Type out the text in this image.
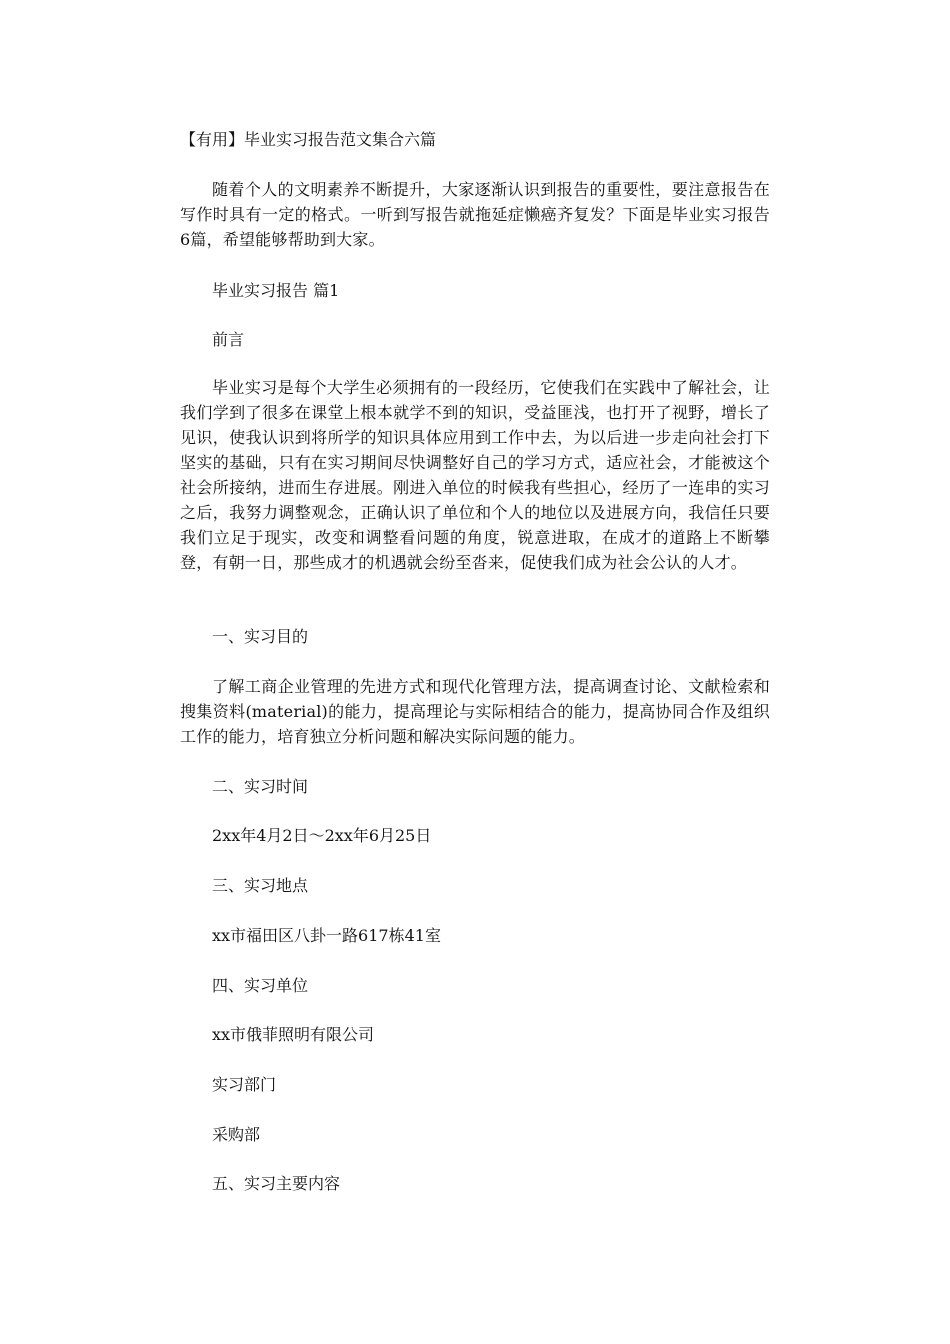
【有用】毕业实习报告范文集合六篇

随着个人的文明素养不断提升，大家逐渐认识到报告的重要性，要注意报告在写作时具有一定的格式。一听到写报告就拖延症懒癌齐复发？下面是毕业实习报告6篇，希望能够帮助到大家。

毕业实习报告 篇1

前言

毕业实习是每个大学生必须拥有的一段经历，它使我们在实践中了解社会，让我们学到了很多在课堂上根本就学不到的知识，受益匪浅，也打开了视野，增长了见识，使我认识到将所学的知识具体应用到工作中去，为以后进一步走向社会打下坚实的基础，只有在实习期间尽快调整好自己的学习方式，适应社会，才能被这个社会所接纳，进而生存进展。刚进入单位的时候我有些担心，经历了一连串的实习之后，我努力调整观念，正确认识了单位和个人的地位以及进展方向，我信任只要我们立足于现实，改变和调整看问题的角度，锐意进取，在成才的道路上不断攀登，有朝一日，那些成才的机遇就会纷至沓来，促使我们成为社会公认的人才。

一、实习目的

了解工商企业管理的先进方式和现代化管理方法，提高调查讨论、文献检索和搜集资料(material)的能力，提高理论与实际相结合的能力，提高协同合作及组织工作的能力，培育独立分析问题和解决实际问题的能力。

二、实习时间

2xx年4月2日～2xx年6月25日

三、实习地点

xx市福田区八卦一路617栋41室

四、实习单位

xx市俄菲照明有限公司

实习部门

采购部

五、实习主要内容
